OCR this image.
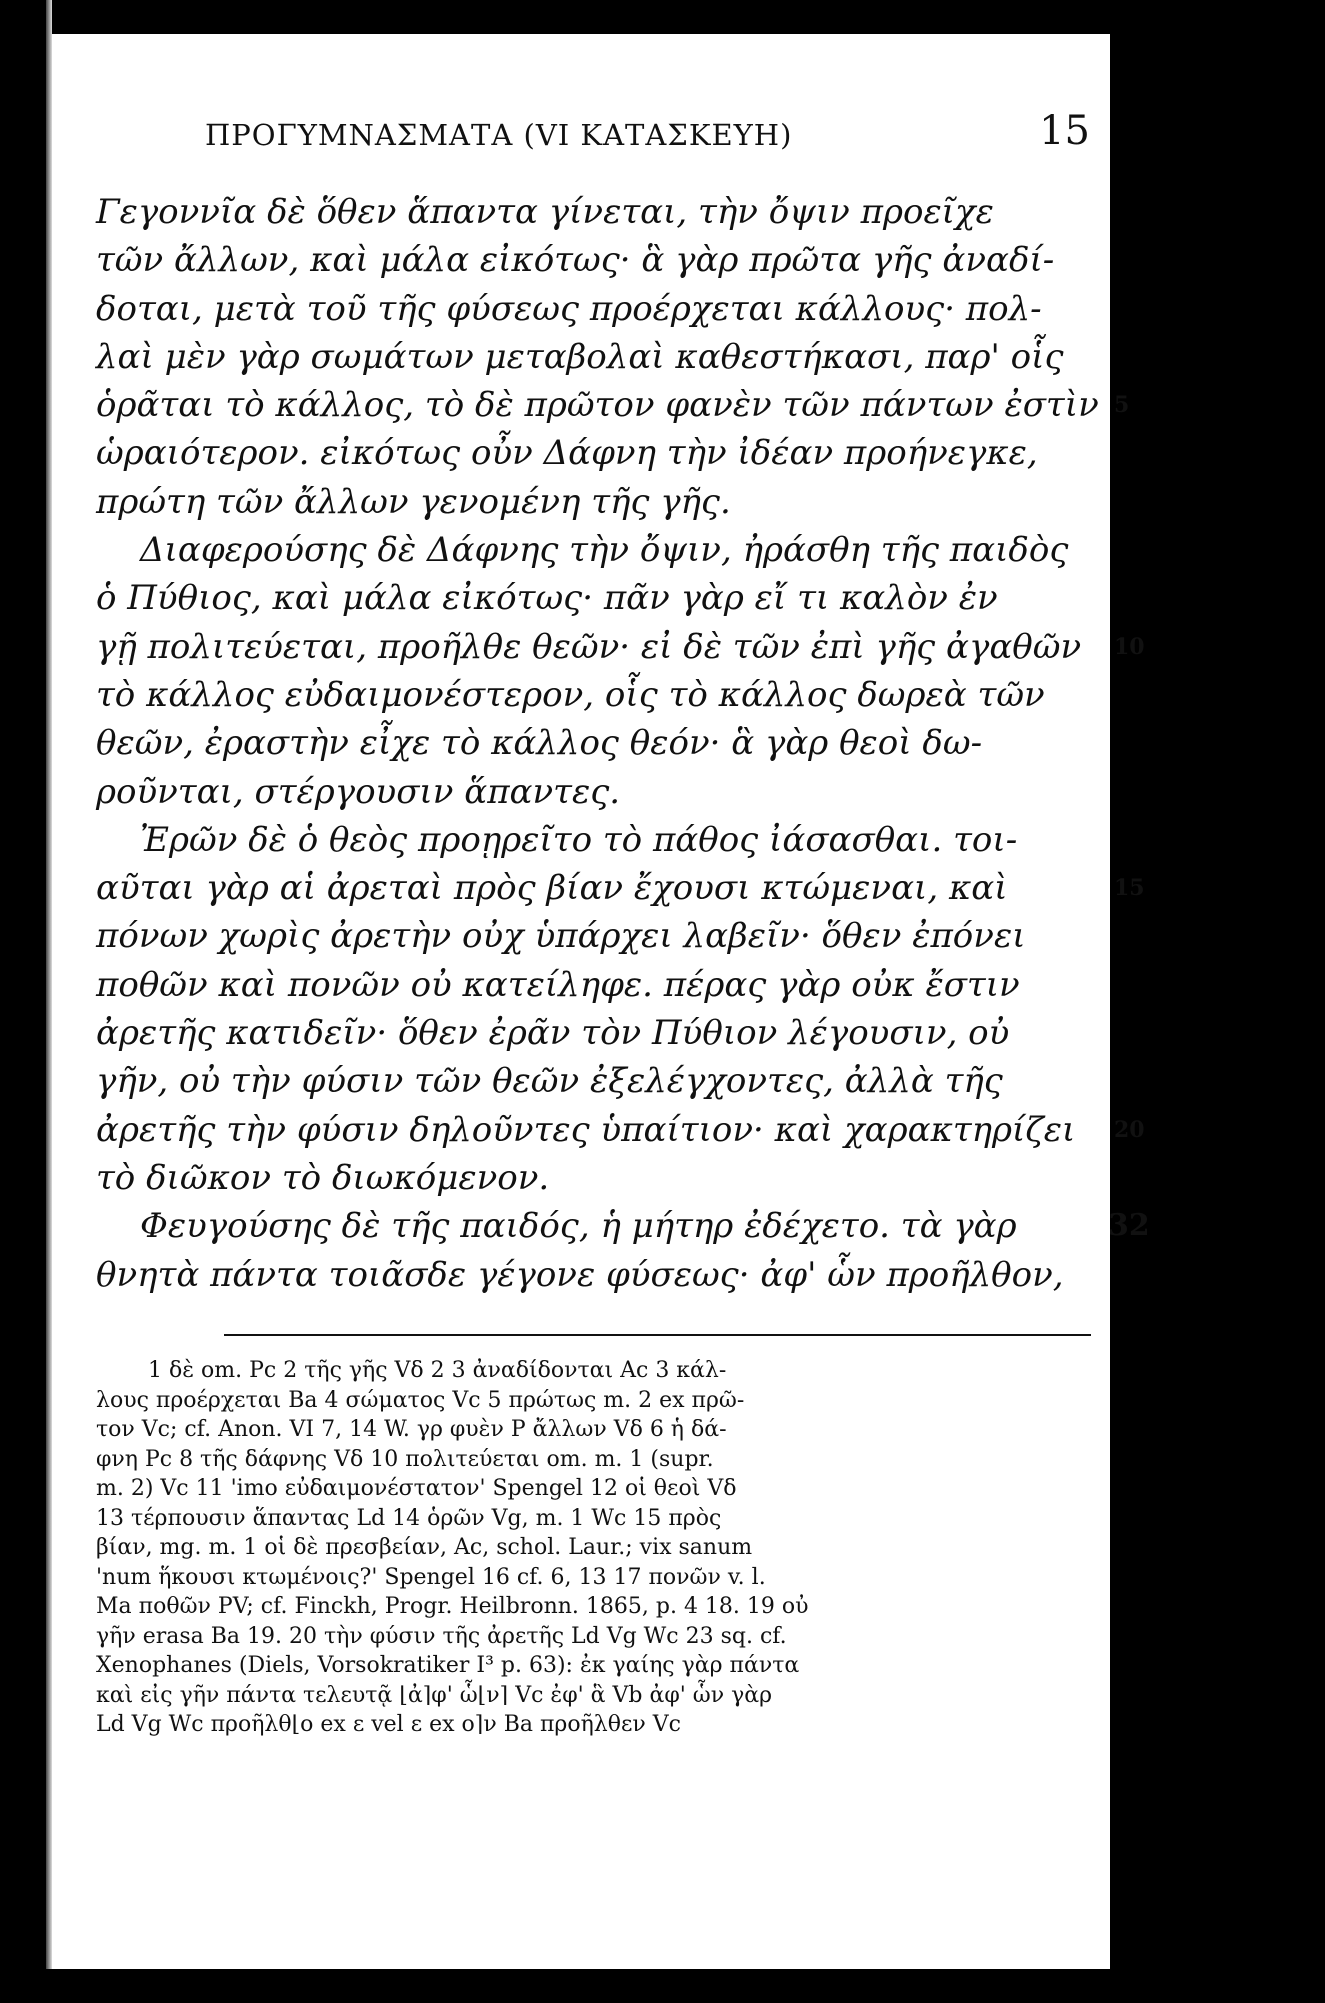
ΠΡΟΓΥΜΝΑΣΜΑΤΑ (VI ΚΑΤΑΣΚΕΥΗ)	15
Γεγοννῖα δὲ ὅθεν ἅπαντα γίνεται, τὴν ὄψιν προεῖχε
τῶν ἄλλων, καὶ μάλα εἰκότως· ἃ γὰρ πρῶτα γῆς ἀναδί-
δοται, μετὰ τοῦ τῆς φύσεως προέρχεται κάλλους· πολ-
λαὶ μὲν γὰρ σωμάτων μεταβολαὶ καθεστήκασι, παρ' οἷς
ὁρᾶται τὸ κάλλος, τὸ δὲ πρῶτον φανὲν τῶν πάντων ἐστὶν 5
ὡραιότερον. εἰκότως οὖν Δάφνη τὴν ἰδέαν προήνεγκε,
πρώτη τῶν ἄλλων γενομένη τῆς γῆς.
Διαφερούσης δὲ Δάφνης τὴν ὄψιν, ἠράσθη τῆς παιδὸς
ὁ Πύθιος, καὶ μάλα εἰκότως· πᾶν γὰρ εἴ τι καλὸν ἐν
γῇ πολιτεύεται, προῆλθε θεῶν· εἰ δὲ τῶν ἐπὶ γῆς ἀγαθῶν 10
τὸ κάλλος εὐδαιμονέστερον, οἷς τὸ κάλλος δωρεὰ τῶν
θεῶν, ἐραστὴν εἶχε τὸ κάλλος θεόν· ἃ γὰρ θεοὶ δω-
ροῦνται, στέργουσιν ἅπαντες.
Ἐρῶν δὲ ὁ θεὸς προῃρεῖτο τὸ πάθος ἰάσασθαι. τοι-
αῦται γὰρ αἱ ἀρεταὶ πρὸς βίαν ἔχουσι κτώμεναι, καὶ	15
πόνων χωρὶς ἀρετὴν οὐχ ὑπάρχει λαβεῖν· ὅθεν ἐπόνει
ποθῶν καὶ πονῶν οὐ κατείληφε. πέρας γὰρ οὐκ ἔστιν
ἀρετῆς κατιδεῖν· ὅθεν ἐρᾶν τὸν Πύθιον λέγουσιν, οὐ
γῆν, οὐ τὴν φύσιν τῶν θεῶν ἐξελέγχοντες, ἀλλὰ τῆς
ἀρετῆς τὴν φύσιν δηλοῦντες ὑπαίτιον· καὶ χαρακτηρίζει 20
τὸ διῶκον τὸ διωκόμενον.
Φευγούσης δὲ τῆς παιδός, ἡ μήτηρ ἐδέχετο. τὰ γὰρ	32
θνητὰ πάντα τοιᾶσδε γέγονε φύσεως· ἀφ' ὧν προῆλθον,
1 δὲ om. Pc 2 τῆς γῆς Vδ 2 3 ἀναδίδονται Ac 3 κάλ-
λους προέρχεται Ba 4 σώματος Vc 5 πρώτως m. 2 ex πρῶ-
τον Vc; cf. Anon. VI 7, 14 W. γρ φυὲν P ἄλλων Vδ 6 ἡ δά-
φνη Pc 8 τῆς δάφνης Vδ 10 πολιτεύεται om. m. 1 (supr.
m. 2) Vc 11 'imo εὐδαιμονέστατον' Spengel 12 οἱ θεοὶ Vδ
13 τέρπουσιν ἅπαντας Ld 14 ὁρῶν Vg, m. 1 Wc 15 πρὸς
βίαν, mg. m. 1 οἱ δὲ πρεσβείαν, Ac, schol. Laur.; vix sanum
'num ἥκουσι κτωμένοις?' Spengel 16 cf. 6, 13 17 πονῶν v. l.
Ma ποθῶν PV; cf. Finckh, Progr. Heilbronn. 1865, p. 4 18. 19 οὐ
γῆν erasa Ba 19. 20 τὴν φύσιν τῆς ἀρετῆς Ld Vg Wc 23 sq. cf.
Xenophanes (Diels, Vorsokratiker I³ p. 63): ἐκ γαίης γὰρ πάντα
καὶ εἰς γῆν πάντα τελευτᾷ ⌊ἀ⌉φ' ὧ⌊ν⌉ Vc ἐφ' ἃ Vb ἀφ' ὧν γὰρ
Ld Vg Wc προῆλθ⌊ο ex ε vel ε ex ο⌉ν Ba προῆλθεν Vc
